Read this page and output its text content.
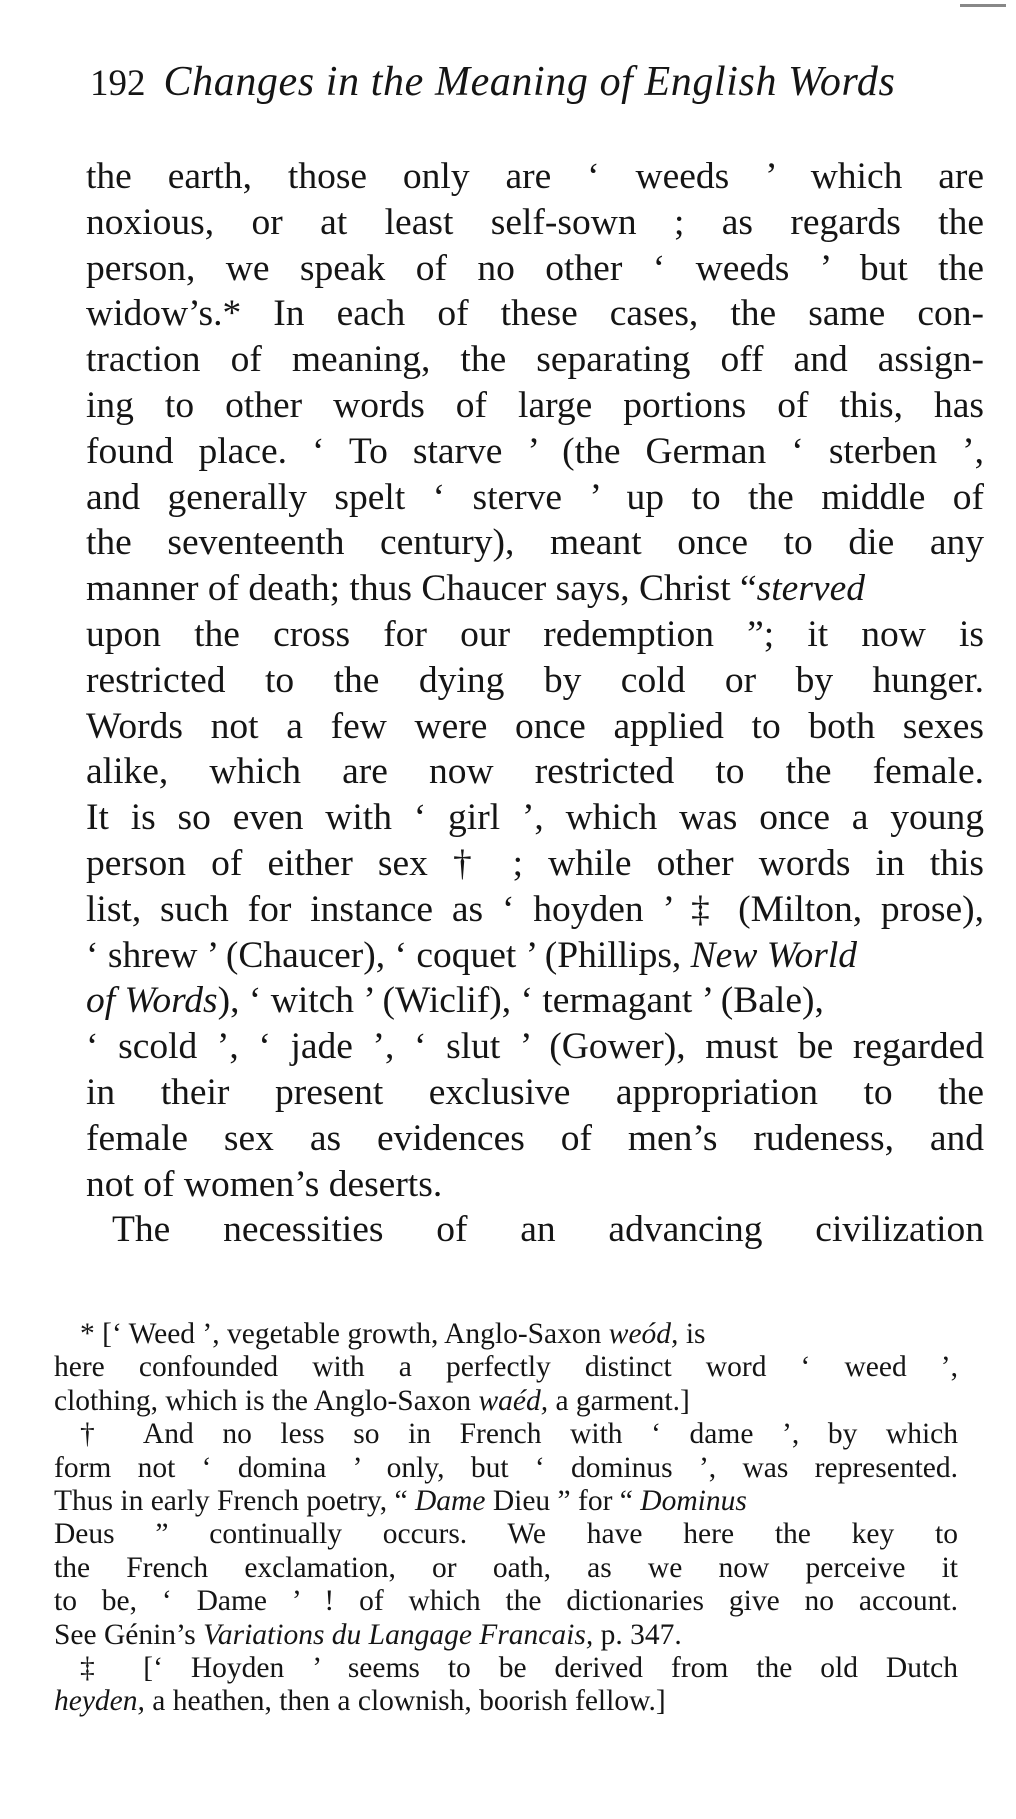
192 Changes in the Meaning of English Words
the earth, those only are ‘ weeds ’ which are
noxious, or at least self-sown ; as regards the
person, we speak of no other ‘ weeds ’ but the
widow’s.* In each of these cases, the same con-
traction of meaning, the separating off and assign-
ing to other words of large portions of this, has
found place. ‘ To starve ’ (the German ‘ sterben ’,
and generally spelt ‘ sterve ’ up to the middle of
the seventeenth century), meant once to die any
manner of death; thus Chaucer says, Christ “sterved
upon the cross for our redemption ”; it now is
restricted to the dying by cold or by hunger.
Words not a few were once applied to both sexes
alike, which are now restricted to the female.
It is so even with ‘ girl ’, which was once a young
person of either sex † ; while other words in this
list, such for instance as ‘ hoyden ’ ‡ (Milton, prose),
‘ shrew ’ (Chaucer), ‘ coquet ’ (Phillips, New World
of Words), ‘ witch ’ (Wiclif), ‘ termagant ’ (Bale),
‘ scold ’, ‘ jade ’, ‘ slut ’ (Gower), must be regarded
in their present exclusive appropriation to the
female sex as evidences of men’s rudeness, and
not of women’s deserts.
The necessities of an advancing civilization
* [‘ Weed ’, vegetable growth, Anglo-Saxon weód, is
here confounded with a perfectly distinct word ‘ weed ’,
clothing, which is the Anglo-Saxon waéd, a garment.]
† And no less so in French with ‘ dame ’, by which
form not ‘ domina ’ only, but ‘ dominus ’, was represented.
Thus in early French poetry, “ Dame Dieu ” for “ Dominus
Deus ” continually occurs. We have here the key to
the French exclamation, or oath, as we now perceive it
to be, ‘ Dame ’ ! of which the dictionaries give no account.
See Génin’s Variations du Langage Francais, p. 347.
‡ [‘ Hoyden ’ seems to be derived from the old Dutch
heyden, a heathen, then a clownish, boorish fellow.]
